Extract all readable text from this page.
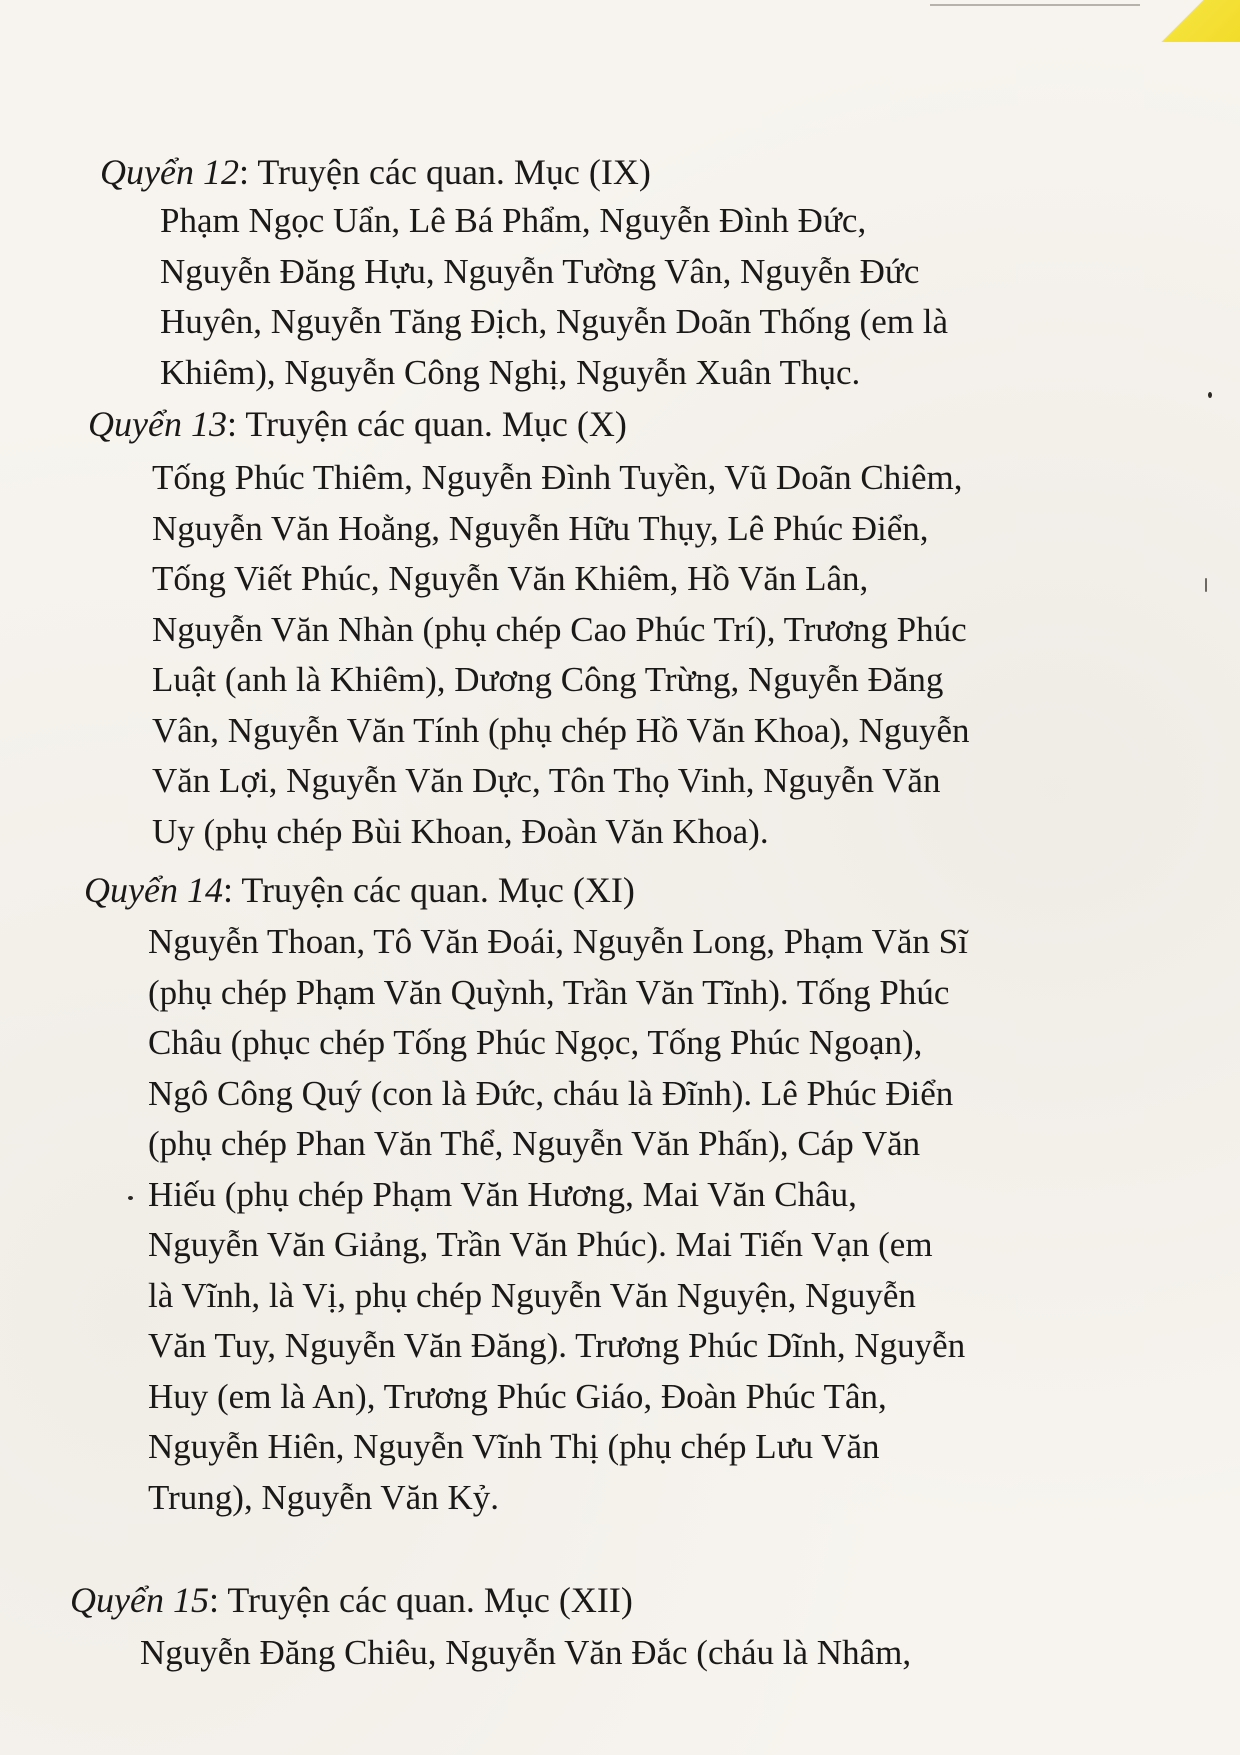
Quyển 12: Truyện các quan. Mục (IX)
Phạm Ngọc Uẩn, Lê Bá Phẩm, Nguyễn Đình Đức,
Nguyễn Đăng Hựu, Nguyễn Tường Vân, Nguyễn Đức
Huyên, Nguyễn Tăng Địch, Nguyễn Doãn Thống (em là
Khiêm), Nguyễn Công Nghị, Nguyễn Xuân Thục.
Quyển 13: Truyện các quan. Mục (X)
Tống Phúc Thiêm, Nguyễn Đình Tuyền, Vũ Doãn Chiêm,
Nguyễn Văn Hoằng, Nguyễn Hữu Thụy, Lê Phúc Điển,
Tống Viết Phúc, Nguyễn Văn Khiêm, Hồ Văn Lân,
Nguyễn Văn Nhàn (phụ chép Cao Phúc Trí), Trương Phúc
Luật (anh là Khiêm), Dương Công Trừng, Nguyễn Đăng
Vân, Nguyễn Văn Tính (phụ chép Hồ Văn Khoa), Nguyễn
Văn Lợi, Nguyễn Văn Dực, Tôn Thọ Vinh, Nguyễn Văn
Uy (phụ chép Bùi Khoan, Đoàn Văn Khoa).
Quyển 14: Truyện các quan. Mục (XI)
Nguyễn Thoan, Tô Văn Đoái, Nguyễn Long, Phạm Văn Sĩ
(phụ chép Phạm Văn Quỳnh, Trần Văn Tĩnh). Tống Phúc
Châu (phục chép Tống Phúc Ngọc, Tống Phúc Ngoạn),
Ngô Công Quý (con là Đức, cháu là Đĩnh). Lê Phúc Điển
(phụ chép Phan Văn Thể, Nguyễn Văn Phấn), Cáp Văn
Hiếu (phụ chép Phạm Văn Hương, Mai Văn Châu,
Nguyễn Văn Giảng, Trần Văn Phúc). Mai Tiến Vạn (em
là Vĩnh, là Vị, phụ chép Nguyễn Văn Nguyện, Nguyễn
Văn Tuy, Nguyễn Văn Đăng). Trương Phúc Dĩnh, Nguyễn
Huy (em là An), Trương Phúc Giáo, Đoàn Phúc Tân,
Nguyễn Hiên, Nguyễn Vĩnh Thị (phụ chép Lưu Văn
Trung), Nguyễn Văn Kỷ.
Quyển 15: Truyện các quan. Mục (XII)
Nguyễn Đăng Chiêu, Nguyễn Văn Đắc (cháu là Nhâm,
